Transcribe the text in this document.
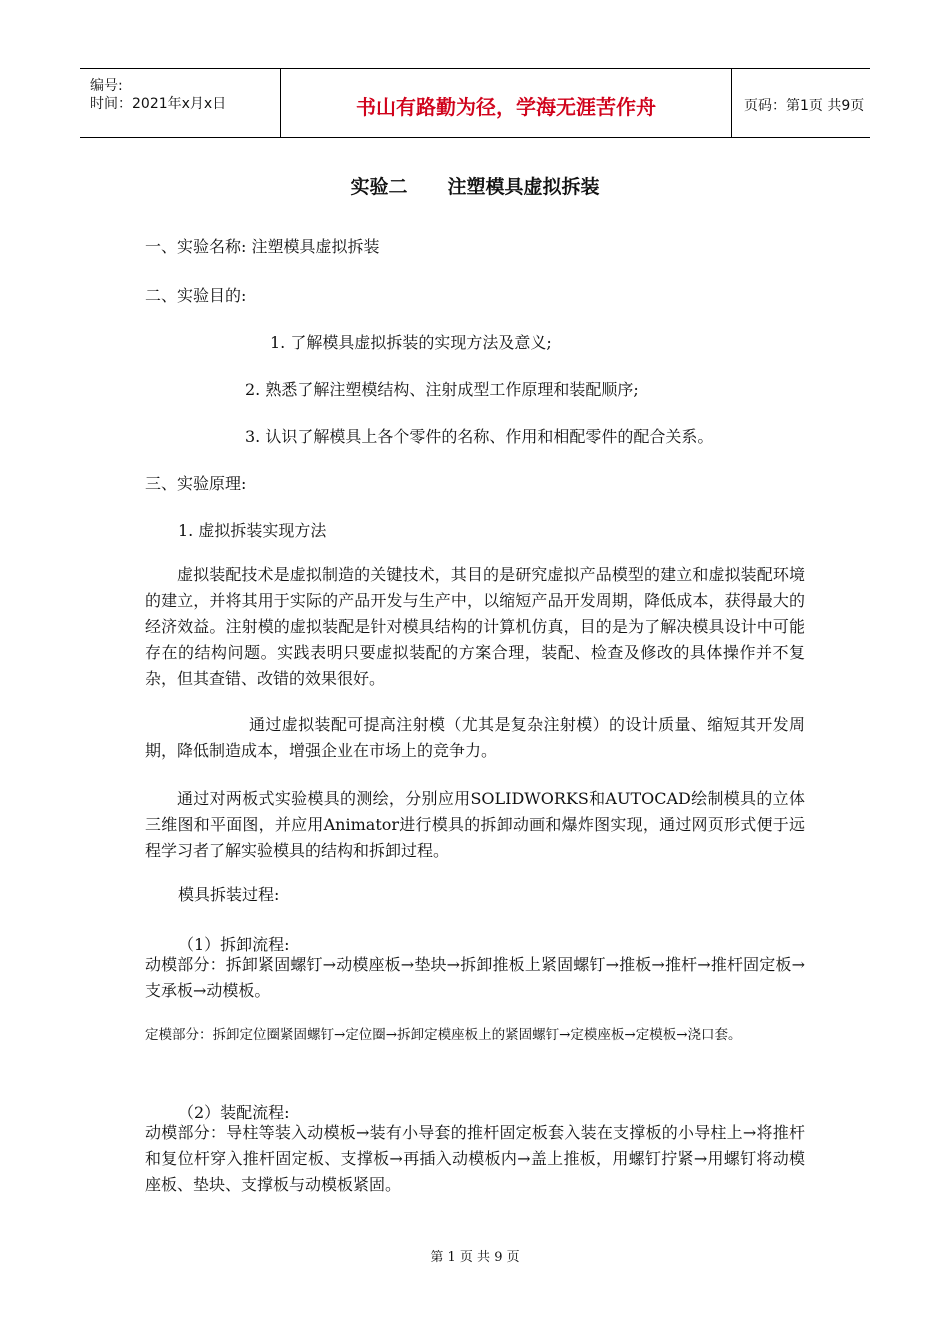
编号:
时间：2021年x月x日	书山有路勤为径，学海无涯苦作舟	页码：第1页 共9页
实验二 注塑模具虚拟拆装
一、实验名称: 注塑模具虚拟拆装
二、实验目的:
1. 了解模具虚拟拆装的实现方法及意义;
2. 熟悉了解注塑模结构、注射成型工作原理和装配顺序;
3. 认识了解模具上各个零件的名称、作用和相配零件的配合关系。
三、实验原理:
1. 虚拟拆装实现方法
虚拟装配技术是虚拟制造的关键技术，其目的是研究虚拟产品模型的建立和虚拟装配环境的建立，并将其用于实际的产品开发与生产中，以缩短产品开发周期，降低成本，获得最大的经济效益。注射模的虚拟装配是针对模具结构的计算机仿真，目的是为了解决模具设计中可能存在的结构问题。实践表明只要虚拟装配的方案合理，装配、检查及修改的具体操作并不复杂，但其查错、改错的效果很好。
通过虚拟装配可提高注射模（尤其是复杂注射模）的设计质量、缩短其开发周期，降低制造成本，增强企业在市场上的竞争力。
通过对两板式实验模具的测绘，分别应用SOLIDWORKS和AUTOCAD绘制模具的立体三维图和平面图，并应用Animator进行模具的拆卸动画和爆炸图实现，通过网页形式便于远程学习者了解实验模具的结构和拆卸过程。
模具拆装过程:
（1）拆卸流程:
动模部分：拆卸紧固螺钉→动模座板→垫块→拆卸推板上紧固螺钉→推板→推杆→推杆固定板→支承板→动模板。
定模部分：拆卸定位圈紧固螺钉→定位圈→拆卸定模座板上的紧固螺钉→定模座板→定模板→浇口套。
（2）装配流程:
动模部分：导柱等装入动模板→装有小导套的推杆固定板套入装在支撑板的小导柱上→将推杆和复位杆穿入推杆固定板、支撑板→再插入动模板内→盖上推板，用螺钉拧紧→用螺钉将动模座板、垫块、支撑板与动模板紧固。
第 1 页 共 9 页
